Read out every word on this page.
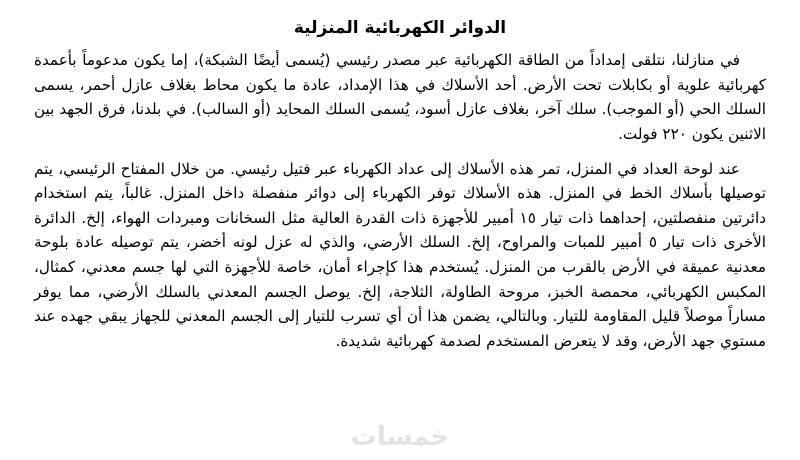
الدوائر الكهربائية المنزلية

في منازلنا، نتلقى إمداداً من الطاقة الكهربائية عبر مصدر رئيسي (يُسمى أيضًا الشبكة)، إما يكون مدعوماً بأعمدة كهربائية علوية أو بكابلات تحت الأرض. أحد الأسلاك في هذا الإمداد، عادة ما يكون محاط بغلاف عازل أحمر، يسمى السلك الحي (أو الموجب). سلك آخر، بغلاف عازل أسود، يُسمى السلك المحايد (أو السالب). في بلدنا، فرق الجهد بين الاثنين يكون ٢٢٠ فولت.

عند لوحة العداد في المنزل، تمر هذه الأسلاك إلى عداد الكهرباء عبر فتيل رئيسي. من خلال المفتاح الرئيسي، يتم توصيلها بأسلاك الخط في المنزل. هذه الأسلاك توفر الكهرباء إلى دوائر منفصلة داخل المنزل. غالباً، يتم استخدام دائرتين منفصلتين، إحداهما ذات تيار ١٥ أمبير للأجهزة ذات القدرة العالية مثل السخانات ومبردات الهواء، إلخ. الدائرة الأخرى ذات تيار ٥ أمبير للمبات والمراوح، إلخ. السلك الأرضي، والذي له عزل لونه أخضر، يتم توصيله عادة بلوحة معدنية عميقة في الأرض بالقرب من المنزل. يُستخدم هذا كإجراء أمان، خاصة للأجهزة التي لها جسم معدني، كمثال، المكبس الكهربائي، محمصة الخبز، مروحة الطاولة، الثلاجة، إلخ. يوصل الجسم المعدني بالسلك الأرضي، مما يوفر مساراً موصلاً قليل المقاومة للتيار. وبالتالي، يضمن هذا أن أي تسرب للتيار إلى الجسم المعدني للجهاز يبقي جهده عند مستوي جهد الأرض، وقد لا يتعرض المستخدم لصدمة كهربائية شديدة.

خمسات
